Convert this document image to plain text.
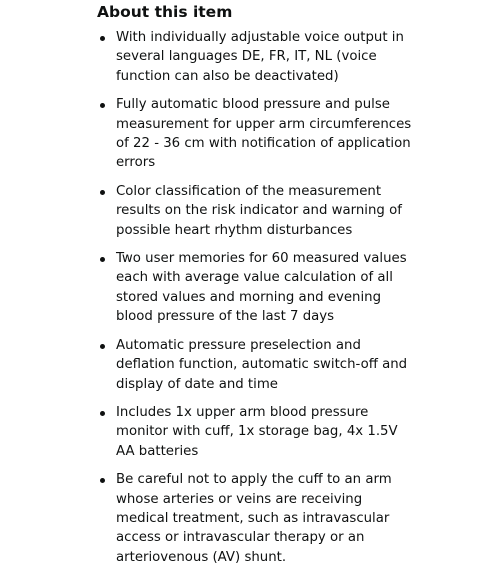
About this item
With individually adjustable voice output in several languages DE, FR, IT, NL (voice function can also be deactivated)
Fully automatic blood pressure and pulse measurement for upper arm circumferences of 22 - 36 cm with notification of application errors
Color classification of the measurement results on the risk indicator and warning of possible heart rhythm disturbances
Two user memories for 60 measured values each with average value calculation of all stored values and morning and evening blood pressure of the last 7 days
Automatic pressure preselection and deflation function, automatic switch-off and display of date and time
Includes 1x upper arm blood pressure monitor with cuff, 1x storage bag, 4x 1.5V AA batteries
Be careful not to apply the cuff to an arm whose arteries or veins are receiving medical treatment, such as intravascular access or intravascular therapy or an arteriovenous (AV) shunt.
